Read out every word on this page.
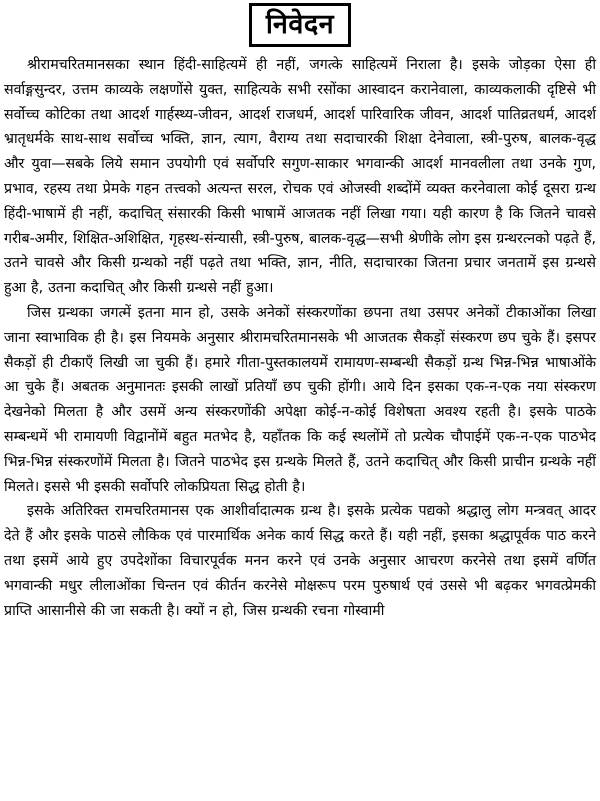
निवेदन

श्रीरामचरितमानसका स्थान हिंदी-साहित्यमें ही नहीं, जगत्के साहित्यमें निराला है। इसके जोड़का ऐसा ही सर्वाङ्गसुन्दर, उत्तम काव्यके लक्षणोंसे युक्त, साहित्यके सभी रसोंका आस्वादन करानेवाला, काव्यकलाकी दृष्टिसे भी सर्वोच्च कोटिका तथा आदर्श गार्हस्थ्य-जीवन, आदर्श राजधर्म, आदर्श पारिवारिक जीवन, आदर्श पातिव्रतधर्म, आदर्श भ्रातृधर्मके साथ-साथ सर्वोच्च भक्ति, ज्ञान, त्याग, वैराग्य तथा सदाचारकी शिक्षा देनेवाला, स्त्री-पुरुष, बालक-वृद्ध और युवा—सबके लिये समान उपयोगी एवं सर्वोपरि सगुण-साकार भगवान्की आदर्श मानवलीला तथा उनके गुण, प्रभाव, रहस्य तथा प्रेमके गहन तत्त्वको अत्यन्त सरल, रोचक एवं ओजस्वी शब्दोंमें व्यक्त करनेवाला कोई दूसरा ग्रन्थ हिंदी-भाषामें ही नहीं, कदाचित् संसारकी किसी भाषामें आजतक नहीं लिखा गया। यही कारण है कि जितने चावसे गरीब-अमीर, शिक्षित-अशिक्षित, गृहस्थ-संन्यासी, स्त्री-पुरुष, बालक-वृद्ध—सभी श्रेणीके लोग इस ग्रन्थरत्नको पढ़ते हैं, उतने चावसे और किसी ग्रन्थको नहीं पढ़ते तथा भक्ति, ज्ञान, नीति, सदाचारका जितना प्रचार जनतामें इस ग्रन्थसे हुआ है, उतना कदाचित् और किसी ग्रन्थसे नहीं हुआ।

जिस ग्रन्थका जगत्में इतना मान हो, उसके अनेकों संस्करणोंका छपना तथा उसपर अनेकों टीकाओंका लिखा जाना स्वाभाविक ही है। इस नियमके अनुसार श्रीरामचरितमानसके भी आजतक सैकड़ों संस्करण छप चुके हैं। इसपर सैकड़ों ही टीकाएँ लिखी जा चुकी हैं। हमारे गीता-पुस्तकालयमें रामायण-सम्बन्धी सैकड़ों ग्रन्थ भिन्न-भिन्न भाषाओंके आ चुके हैं। अबतक अनुमानतः इसकी लाखों प्रतियाँ छप चुकी होंगी। आये दिन इसका एक-न-एक नया संस्करण देखनेको मिलता है और उसमें अन्य संस्करणोंकी अपेक्षा कोई-न-कोई विशेषता अवश्य रहती है। इसके पाठके सम्बन्धमें भी रामायणी विद्वानोंमें बहुत मतभेद है, यहाँतक कि कई स्थलोंमें तो प्रत्येक चौपाईमें एक-न-एक पाठभेद भिन्न-भिन्न संस्करणोंमें मिलता है। जितने पाठभेद इस ग्रन्थके मिलते हैं, उतने कदाचित् और किसी प्राचीन ग्रन्थके नहीं मिलते। इससे भी इसकी सर्वोपरि लोकप्रियता सिद्ध होती है।

इसके अतिरिक्त रामचरितमानस एक आशीर्वादात्मक ग्रन्थ है। इसके प्रत्येक पद्यको श्रद्धालु लोग मन्त्रवत् आदर देते हैं और इसके पाठसे लौकिक एवं पारमार्थिक अनेक कार्य सिद्ध करते हैं। यही नहीं, इसका श्रद्धापूर्वक पाठ करने तथा इसमें आये हुए उपदेशोंका विचारपूर्वक मनन करने एवं उनके अनुसार आचरण करनेसे तथा इसमें वर्णित भगवान्की मधुर लीलाओंका चिन्तन एवं कीर्तन करनेसे मोक्षरूप परम पुरुषार्थ एवं उससे भी बढ़कर भगवत्प्रेमकी प्राप्ति आसानीसे की जा सकती है। क्यों न हो, जिस ग्रन्थकी रचना गोस्वामी
